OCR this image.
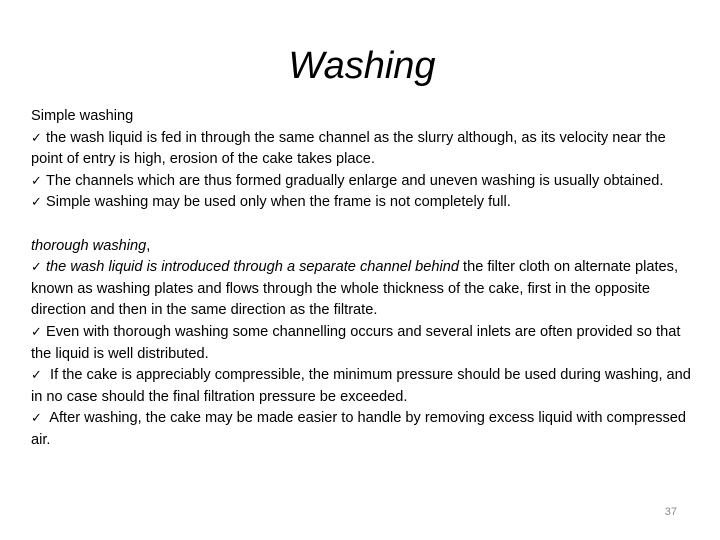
Washing
Simple washing
✓ the wash liquid is fed in through the same channel as the slurry although, as its velocity near the point of entry is high, erosion of the cake takes place.
✓ The channels which are thus formed gradually enlarge and uneven washing is usually obtained.
✓ Simple washing may be used only when the frame is not completely full.
thorough washing,
✓ the wash liquid is introduced through a separate channel behind the filter cloth on alternate plates, known as washing plates and flows through the whole thickness of the cake, first in the opposite direction and then in the same direction as the filtrate.
✓ Even with thorough washing some channelling occurs and several inlets are often provided so that the liquid is well distributed.
✓ If the cake is appreciably compressible, the minimum pressure should be used during washing, and in no case should the final filtration pressure be exceeded.
✓ After washing, the cake may be made easier to handle by removing excess liquid with compressed air.
37
